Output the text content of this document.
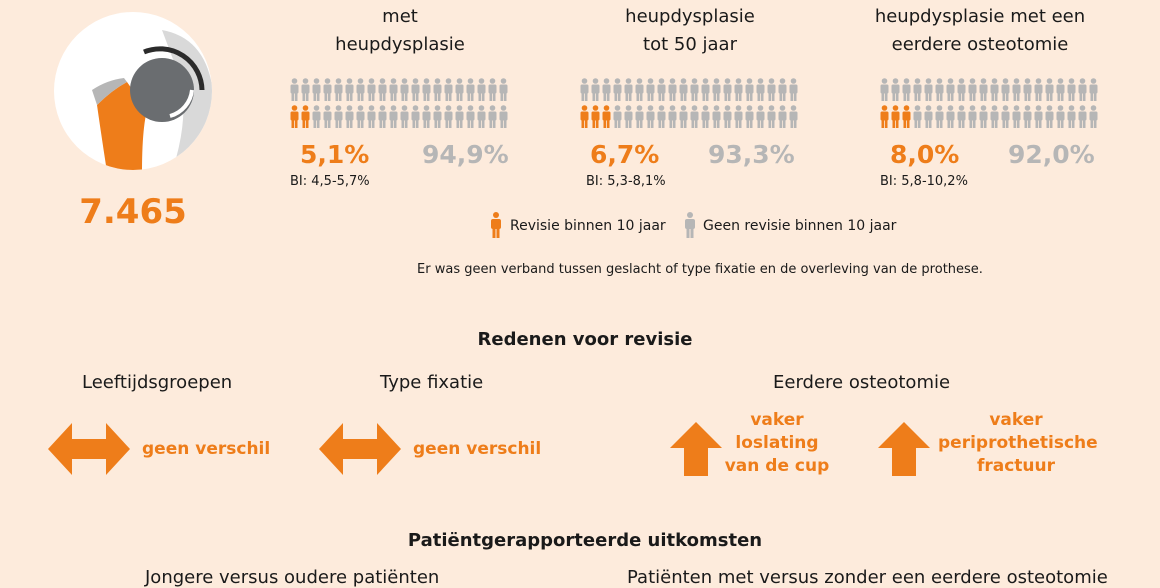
7.465
met
heupdysplasie
5,1% 94,9%
BI: 4,5-5,7%
heupdysplasie
tot 50 jaar
6,7% 93,3%
BI: 5,3-8,1%
heupdysplasie met een
eerdere osteotomie
8,0% 92,0%
BI: 5,8-10,2%
Revisie binnen 10 jaar	Geen revisie binnen 10 jaar
Er was geen verband tussen geslacht of type fixatie en de overleving van de prothese.
Redenen voor revisie
Leeftijdsgroepen	Type fixatie	Eerdere osteotomie
geen verschil	geen verschil
vaker
loslating
van de cup
vaker
periprothetische
fractuur
Patiëntgerapporteerde uitkomsten
Jongere versus oudere patiënten	Patiënten met versus zonder een eerdere osteotomie
